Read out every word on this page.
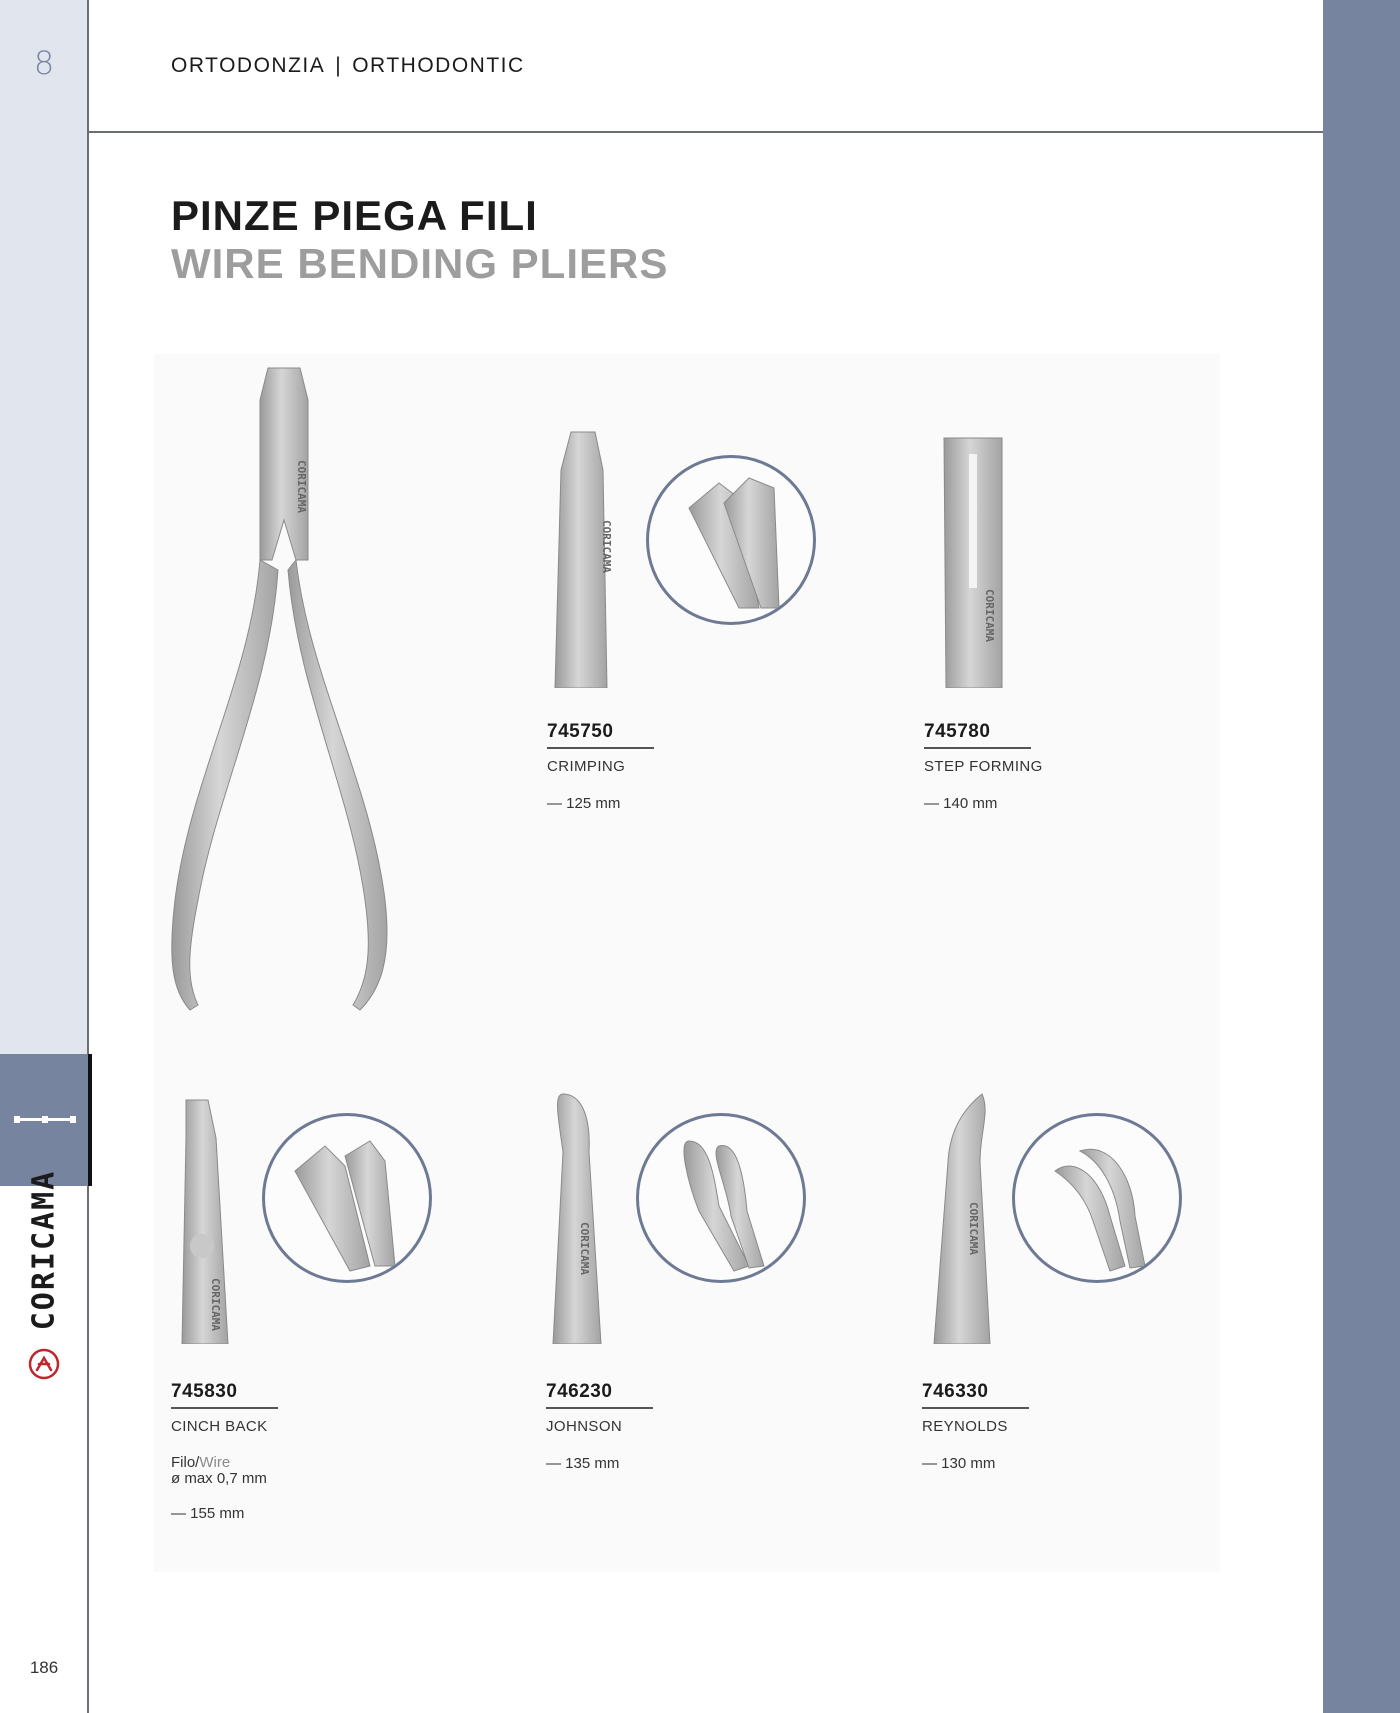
8
CORICAMA
186
ORTODONZIA | ORTHODONTIC
PINZE PIEGA FILI
WIRE BENDING PLIERS
CORICAMA
CORICAMA
CORICAMA
CORICAMA
CORICAMA	CORICAMA
745750
CRIMPING
— 125 mm
745780
STEP FORMING
— 140 mm
745830
CINCH BACK
Filo/Wire
ø max 0,7 mm
— 155 mm
746230
JOHNSON
— 135 mm
746330
REYNOLDS
— 130 mm
